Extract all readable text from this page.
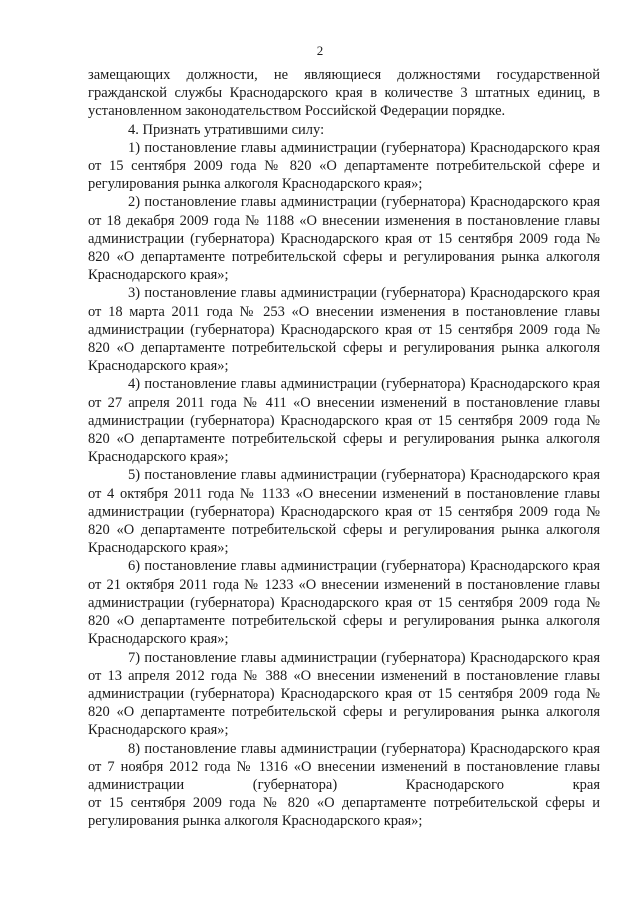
2

замещающих должности, не являющиеся должностями государственной гражданской службы Краснодарского края в количестве 3 штатных единиц, в установленном законодательством Российской Федерации порядке.

4. Признать утратившими силу:

1) постановление главы администрации (губернатора) Краснодарского края от 15 сентября 2009 года № 820 «О департаменте потребительской сфере и регулирования рынка алкоголя Краснодарского края»;

2) постановление главы администрации (губернатора) Краснодарского края от 18 декабря 2009 года № 1188 «О внесении изменения в постановление главы администрации (губернатора) Краснодарского края от 15 сентября 2009 года № 820 «О департаменте потребительской сферы и регулирования рынка алкоголя Краснодарского края»;

3) постановление главы администрации (губернатора) Краснодарского края от 18 марта 2011 года № 253 «О внесении изменения в постановление главы администрации (губернатора) Краснодарского края от 15 сентября 2009 года № 820 «О департаменте потребительской сферы и регулирования рынка алкоголя Краснодарского края»;

4) постановление главы администрации (губернатора) Краснодарского края от 27 апреля 2011 года № 411 «О внесении изменений в постановление главы администрации (губернатора) Краснодарского края от 15 сентября 2009 года № 820 «О департаменте потребительской сферы и регулирования рынка алкоголя Краснодарского края»;

5) постановление главы администрации (губернатора) Краснодарского края от 4 октября 2011 года № 1133 «О внесении изменений в постановление главы администрации (губернатора) Краснодарского края от 15 сентября 2009 года № 820 «О департаменте потребительской сферы и регулирования рынка алкоголя Краснодарского края»;

6) постановление главы администрации (губернатора) Краснодарского края от 21 октября 2011 года № 1233 «О внесении изменений в постановление главы администрации (губернатора) Краснодарского края от 15 сентября 2009 года № 820 «О департаменте потребительской сферы и регулирования рынка алкоголя Краснодарского края»;

7) постановление главы администрации (губернатора) Краснодарского края от 13 апреля 2012 года № 388 «О внесении изменений в постановление главы администрации (губернатора) Краснодарского края от 15 сентября 2009 года № 820 «О департаменте потребительской сферы и регулирования рынка алкоголя Краснодарского края»;

8) постановление главы администрации (губернатора) Краснодарского края от 7 ноября 2012 года № 1316 «О внесении изменений в постановление главы администрации (губернатора) Краснодарского края

от 15 сентября 2009 года № 820 «О департаменте потребительской сферы и регулирования рынка алкоголя Краснодарского края»;
